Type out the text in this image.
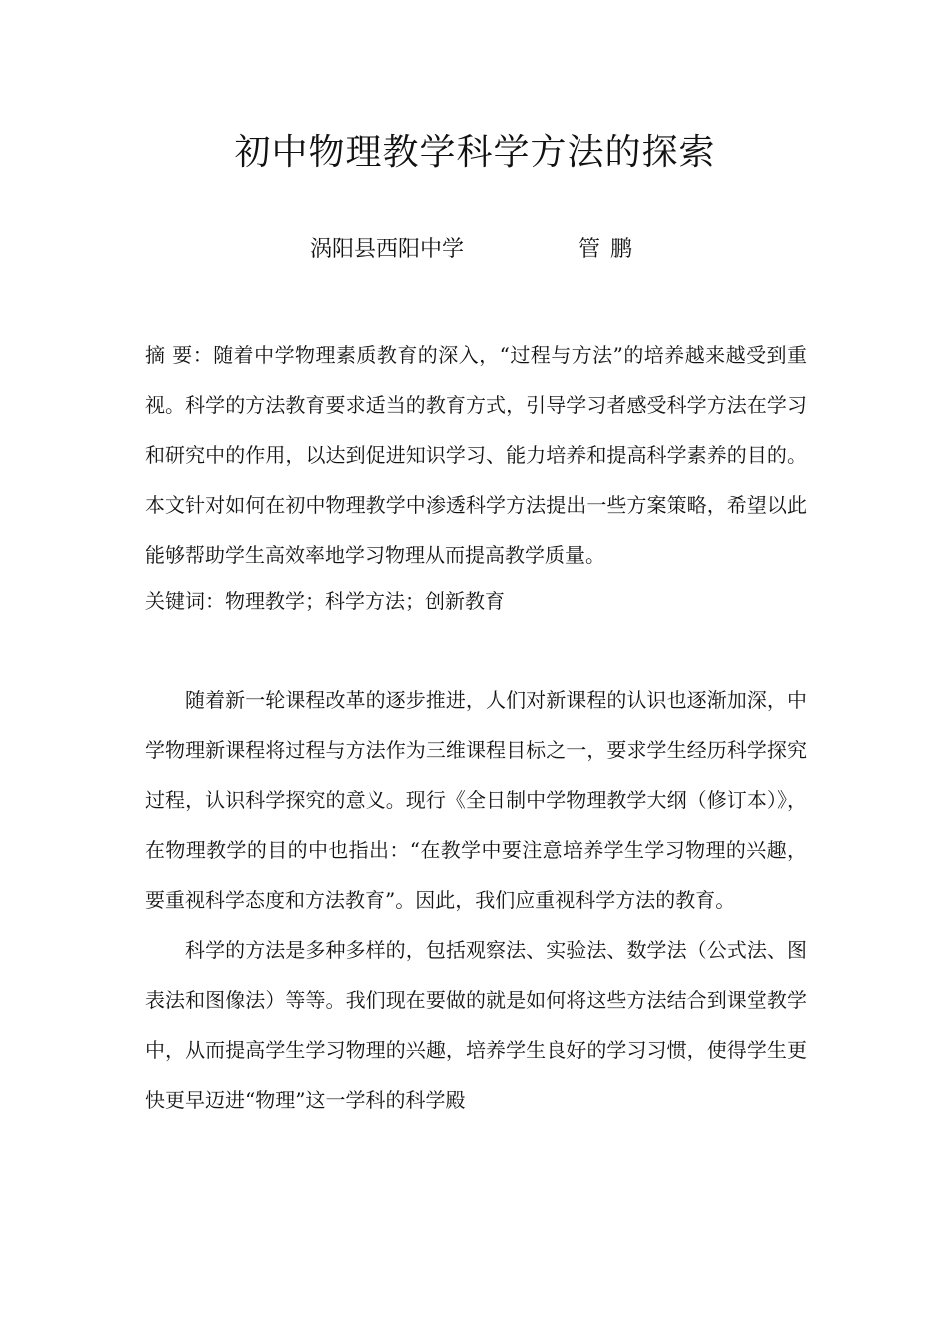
初中物理教学科学方法的探索
涡阳县西阳中学	管鹏

摘 要：随着中学物理素质教育的深入，“过程与方法”的培养越来越受到重视。科学的方法教育要求适当的教育方式，引导学习者感受科学方法在学习和研究中的作用，以达到促进知识学习、能力培养和提高科学素养的目的。本文针对如何在初中物理教学中渗透科学方法提出一些方案策略，希望以此能够帮助学生高效率地学习物理从而提高教学质量。

关键词：物理教学；科学方法；创新教育

随着新一轮课程改革的逐步推进，人们对新课程的认识也逐渐加深，中学物理新课程将过程与方法作为三维课程目标之一，要求学生经历科学探究过程，认识科学探究的意义。现行《全日制中学物理教学大纲（修订本）》，在物理教学的目的中也指出：“在教学中要注意培养学生学习物理的兴趣，要重视科学态度和方法教育”。因此，我们应重视科学方法的教育。

科学的方法是多种多样的，包括观察法、实验法、数学法（公式法、图表法和图像法）等等。我们现在要做的就是如何将这些方法结合到课堂教学中，从而提高学生学习物理的兴趣，培养学生良好的学习习惯，使得学生更快更早迈进“物理”这一学科的科学殿
